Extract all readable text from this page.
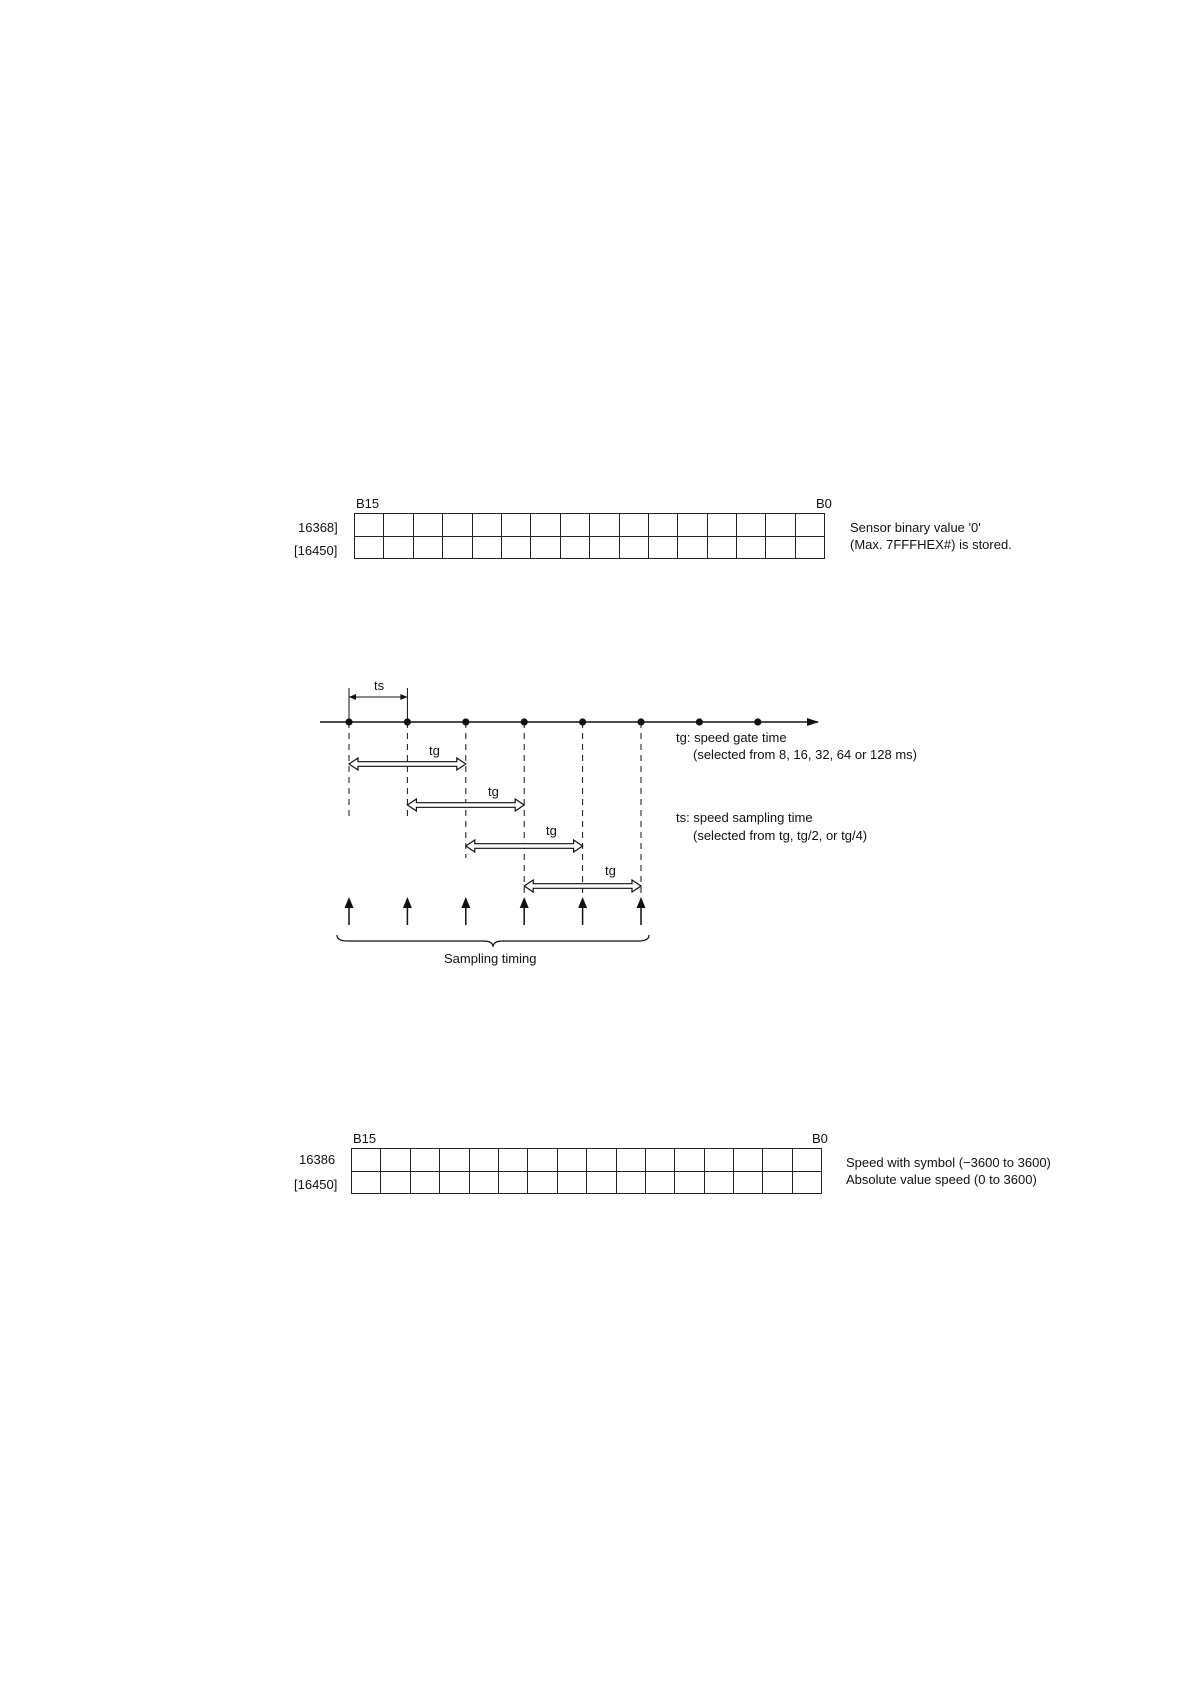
B15	B0
16368]
[16450]

Sensor binary value '0'
(Max. 7FFFHEX#) is stored.
ts
tg
tg
tg
tg
Sampling timing
tg: speed gate time
(selected from 8, 16, 32, 64 or 128 ms)
ts: speed sampling time
(selected from tg, tg/2, or tg/4)
B15	B0
16386
[16450]

Speed with symbol (−3600 to 3600)
Absolute value speed (0 to 3600)
